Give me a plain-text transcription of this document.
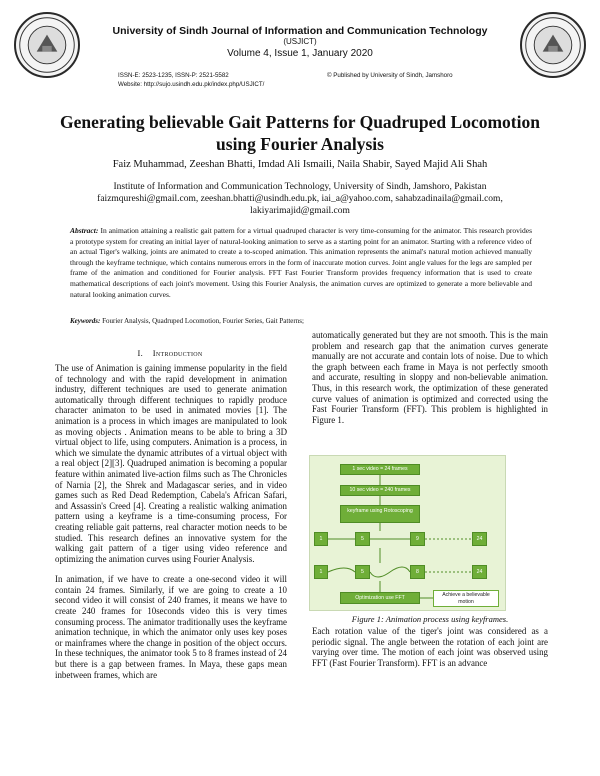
University of Sindh Journal of Information and Communication Technology
(USJICT)
Volume 4, Issue 1, January 2020
ISSN-E: 2523-1235, ISSN-P: 2521-5582
Website: http://sujo.usindh.edu.pk/index.php/USJICT/
© Published by University of Sindh, Jamshoro
Generating believable Gait Patterns for Quadruped Locomotion
using Fourier Analysis
Faiz Muhammad, Zeeshan Bhatti, Imdad Ali Ismaili, Naila Shabir, Sayed Majid Ali Shah
Institute of Information and Communication Technology, University of Sindh, Jamshoro, Pakistan
faizmqureshi@gmail.com, zeeshan.bhatti@usindh.edu.pk, iai_a@yahoo.com, sahabzadinaila@gmail.com,
lakiyarimajid@gmail.com
Abstract: In animation attaining a realistic gait pattern for a virtual quadruped character is very time-consuming for the animator. This research provides a prototype system for creating an initial layer of natural-looking animation to serve as a starting point for an animator. Starting with a reference video of an actual Tiger's walking, joints are animated to create a to-scoped animation. This animation represents the animal's natural motion achieved manually through the keyframe technique, which contains numerous errors in the form of inaccurate motion curves. Joint angle values for the legs are sampled per frame of the animation and conditioned for Fourier analysis. FFT Fast Fourier Transform provides frequency information that is used to create mathematical descriptions of each joint's movement. Using this Fourier Analysis, the animation curves are optimized to generate a more believable and natural looking animation curves.
Keywords: Fourier Analysis, Quadruped Locomotion, Fourier Series, Gait Patterns;
I. Introduction

The use of Animation is gaining immense popularity in the field of technology and with the rapid development in animation industry, different techniques are used to generate animation automatically through different techniques to rapidly produce character animaton to be used in animated movies [1]. The animation is a process in which images are manipulated to look as moving objects . Animation means to be able to bring a 3D virtual object to life, using computers. Animation is a process, in which we simulate the dynamic attributes of a virtual object with a real object [2][3]. Quadruped animation is becoming a popular feature within animated live-action films such as The Chronicles of Narnia [2], the Shrek and Madagascar series, and in video games such as Red Dead Redemption, Cabela's African Safari, and Assassin's Creed [4]. Creating a realistic walking animation pattern using a keyframe is a time-consuming process, For creating reliable gait patterns, real character motion needs to be studied. This research defines an innovative system for the walking gait pattern of a tiger using video reference and optimizing the animation curves using Fourier Analysis.

In animation, if we have to create a one-second video it will contain 24 frames. Similarly, if we are going to create a 10 second video it will consist of 240 frames, it means we have to create 240 frames for 10seconds video this is very times consuming process. The animator traditionally uses the keyframe animation technique, in which the animator only uses key poses or mainframes where the change in position of the object occurs. In these techniques, the animator took 5 to 8 frames instead of 24 but there is a gap between frames. In Maya, these gaps mean inbetween frames, which are

automatically generated but they are not smooth. This is the main problem and research gap that the animation curves generate manually are not accurate and contain lots of noise. Due to which the graph between each frame in Maya is not perfectly smooth and accurate, resulting in sloppy and non-believable animation. Thus, in this research work, the optimization of these generated curve values of animation is optimized and corrected using the Fast Fourier Transform (FFT). This problem is highlighted in Figure 1.

1 sec video = 24 frames
10 sec video = 240 frames
keyframe using Rotoscoping
1	5	9	24
1	5	8	24
Optimization use FFT	Achieve a believable motion
Figure 1: Animation process using keyframes.

Each rotation value of the tiger's joint was considered as a periodic signal. The angle between the rotation of each joint are varying over time. The motion of each joint was observed using FFT (Fast Fourier Transform). FFT is an advance
